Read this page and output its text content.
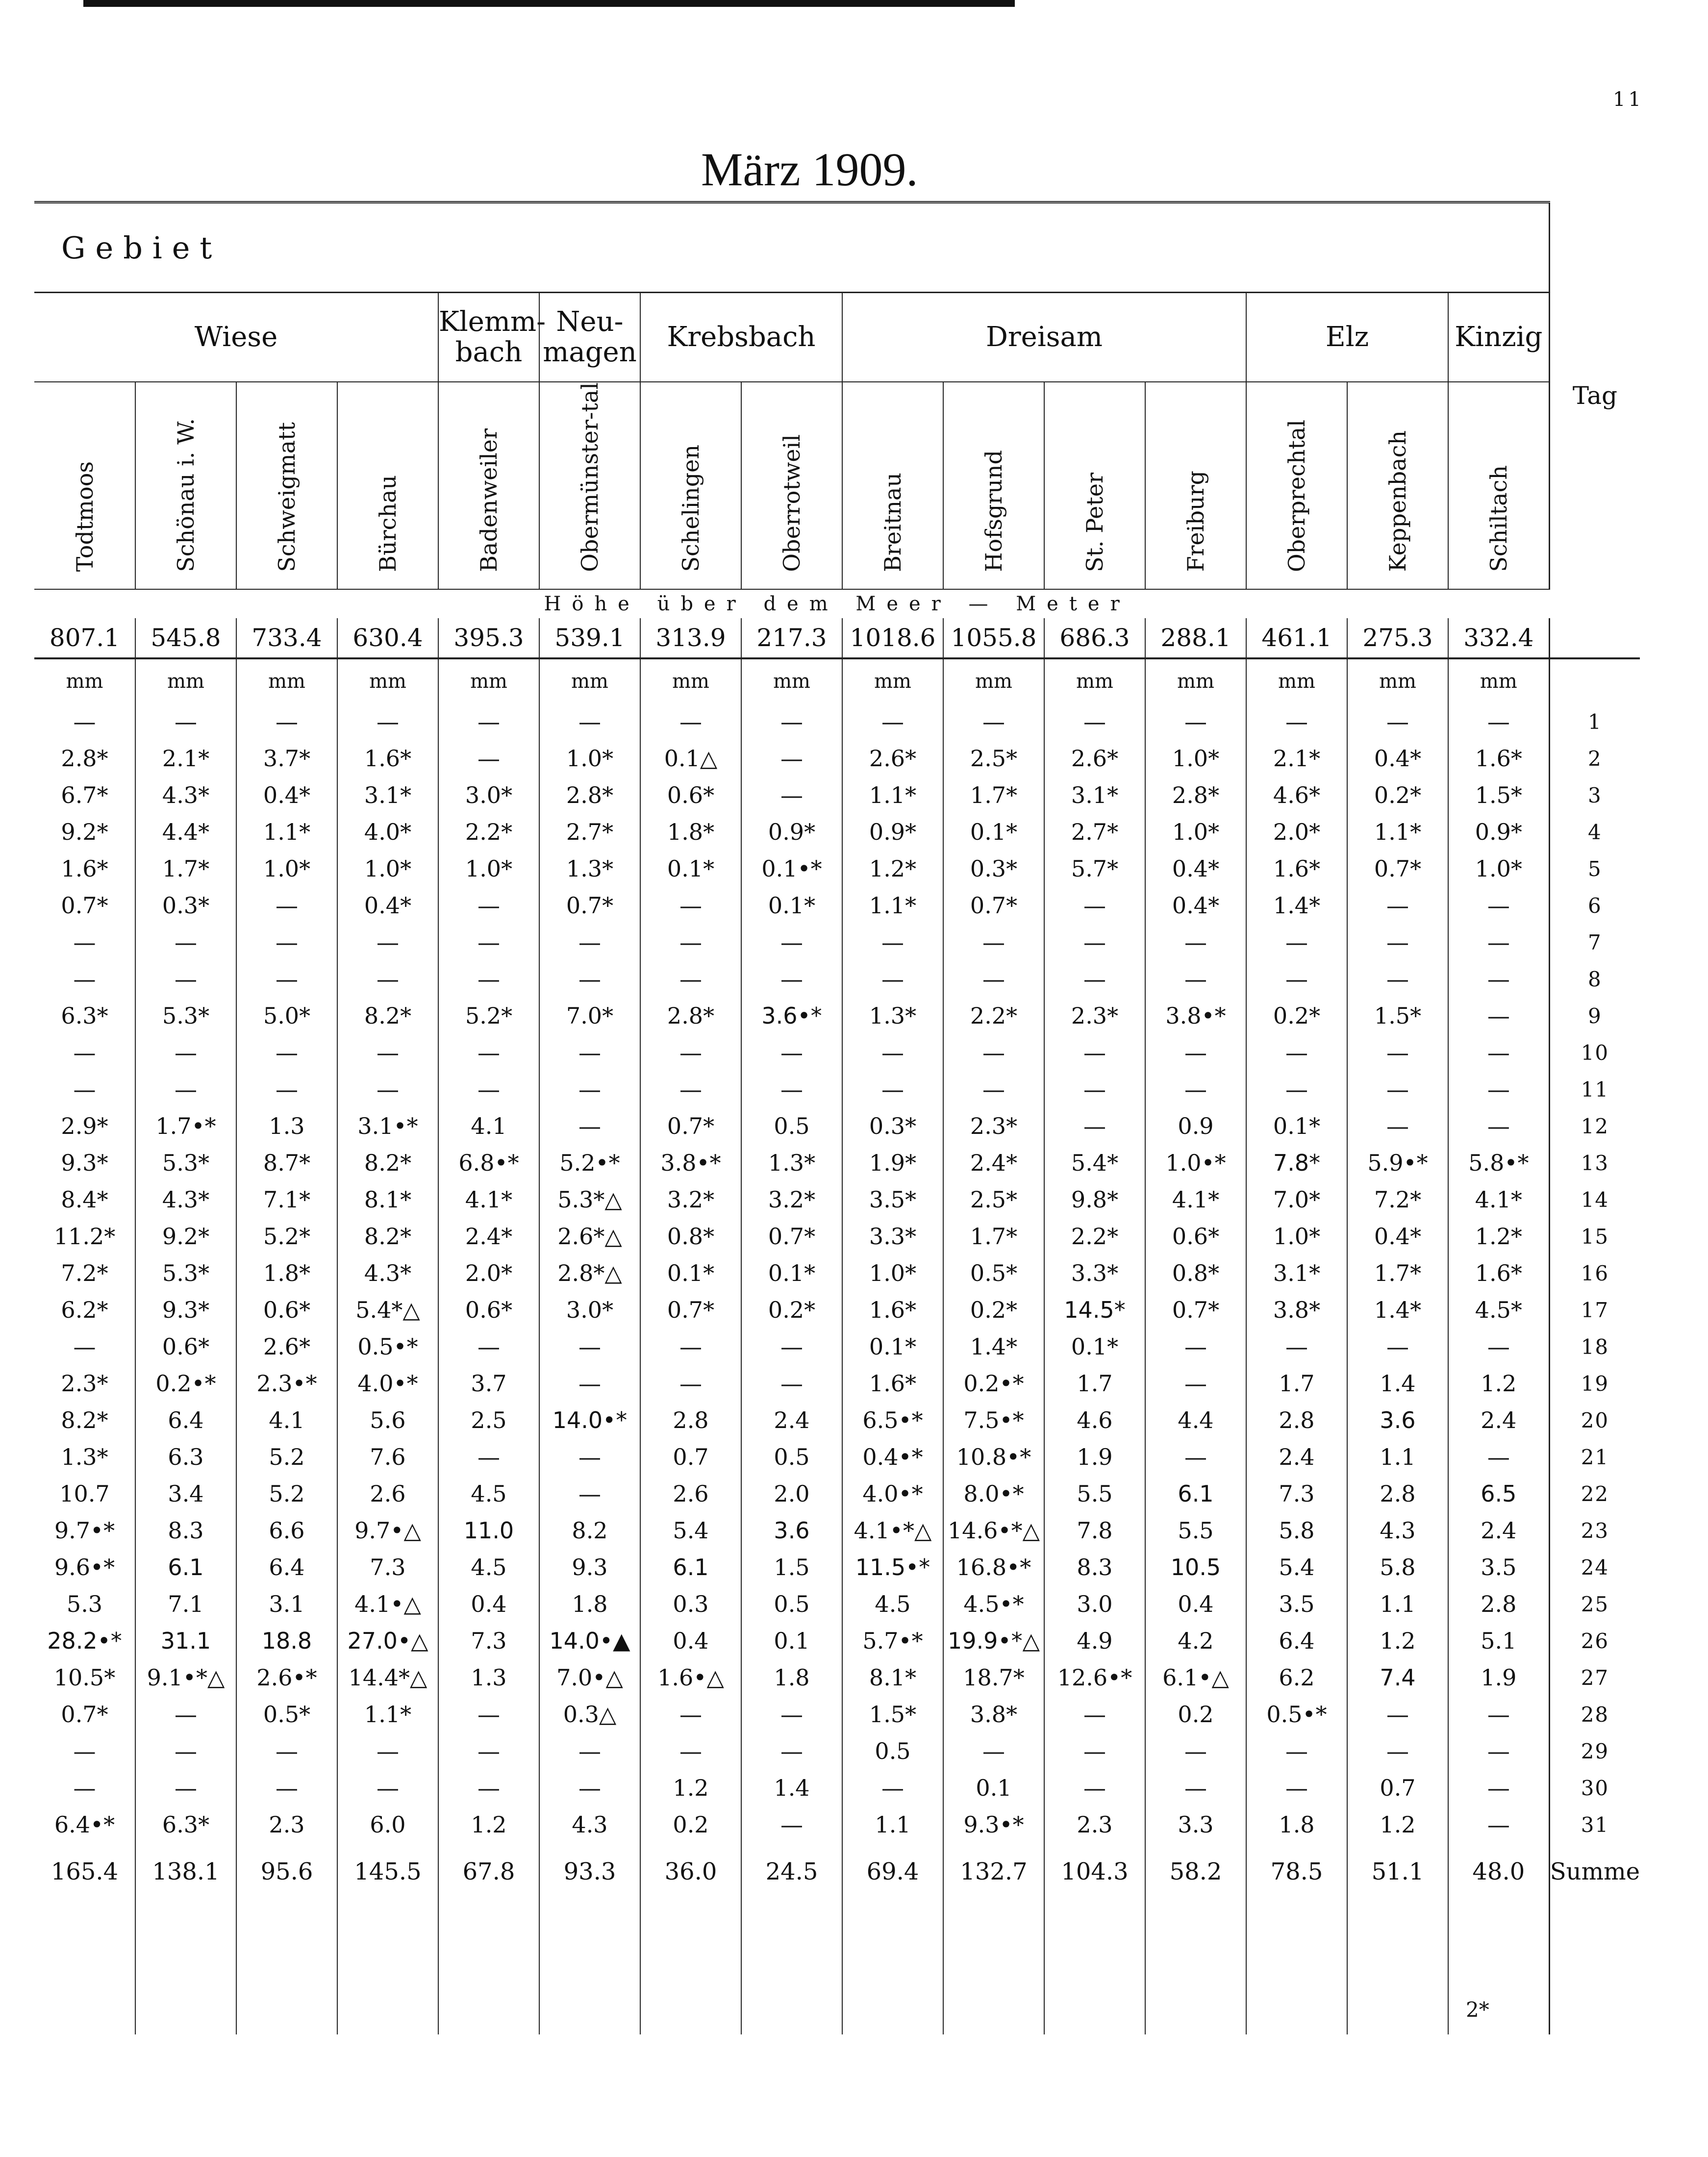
11
März 1909.
Gebiet															Tag
Wiese				Klemm-bach	Neu-magen	Krebsbach		Dreisam				Elz		Kinzig	
Todtmoos	Schönau i. W.	Schweigmatt	Bürchau	Badenweiler	Obermünster-tal	Schelingen	Oberrotweil	Breitnau	Hofsgrund	St. Peter	Freiburg	Oberprechtal	Keppenbach	Schiltach	
Höhe über dem Meer — Meter															
807.1	545.8	733.4	630.4	395.3	539.1	313.9	217.3	1018.6	1055.8	686.3	288.1	461.1	275.3	332.4	
mm	mm	mm	mm	mm	mm	mm	mm	mm	mm	mm	mm	mm	mm	mm	
—	—	—	—	—	—	—	—	—	—	—	—	—	—	—	1
2.8*	2.1*	3.7*	1.6*	—	1.0*	0.1△	—	2.6*	2.5*	2.6*	1.0*	2.1*	0.4*	1.6*	2
6.7*	4.3*	0.4*	3.1*	3.0*	2.8*	0.6*	—	1.1*	1.7*	3.1*	2.8*	4.6*	0.2*	1.5*	3
9.2*	4.4*	1.1*	4.0*	2.2*	2.7*	1.8*	0.9*	0.9*	0.1*	2.7*	1.0*	2.0*	1.1*	0.9*	4
1.6*	1.7*	1.0*	1.0*	1.0*	1.3*	0.1*	0.1•*	1.2*	0.3*	5.7*	0.4*	1.6*	0.7*	1.0*	5
0.7*	0.3*	—	0.4*	—	0.7*	—	0.1*	1.1*	0.7*	—	0.4*	1.4*	—	—	6
—	—	—	—	—	—	—	—	—	—	—	—	—	—	—	7
—	—	—	—	—	—	—	—	—	—	—	—	—	—	—	8
6.3*	5.3*	5.0*	8.2*	5.2*	7.0*	2.8*	3.6•*	1.3*	2.2*	2.3*	3.8•*	0.2*	1.5*	—	9
—	—	—	—	—	—	—	—	—	—	—	—	—	—	—	10
—	—	—	—	—	—	—	—	—	—	—	—	—	—	—	11
2.9*	1.7•*	1.3	3.1•*	4.1	—	0.7*	0.5	0.3*	2.3*	—	0.9	0.1*	—	—	12
9.3*	5.3*	8.7*	8.2*	6.8•*	5.2•*	3.8•*	1.3*	1.9*	2.4*	5.4*	1.0•*	7.8*	5.9•*	5.8•*	13
8.4*	4.3*	7.1*	8.1*	4.1*	5.3*△	3.2*	3.2*	3.5*	2.5*	9.8*	4.1*	7.0*	7.2*	4.1*	14
11.2*	9.2*	5.2*	8.2*	2.4*	2.6*△	0.8*	0.7*	3.3*	1.7*	2.2*	0.6*	1.0*	0.4*	1.2*	15
7.2*	5.3*	1.8*	4.3*	2.0*	2.8*△	0.1*	0.1*	1.0*	0.5*	3.3*	0.8*	3.1*	1.7*	1.6*	16
6.2*	9.3*	0.6*	5.4*△	0.6*	3.0*	0.7*	0.2*	1.6*	0.2*	14.5*	0.7*	3.8*	1.4*	4.5*	17
—	0.6*	2.6*	0.5•*	—	—	—	—	0.1*	1.4*	0.1*	—	—	—	—	18
2.3*	0.2•*	2.3•*	4.0•*	3.7	—	—	—	1.6*	0.2•*	1.7	—	1.7	1.4	1.2	19
8.2*	6.4	4.1	5.6	2.5	14.0•*	2.8	2.4	6.5•*	7.5•*	4.6	4.4	2.8	3.6	2.4	20
1.3*	6.3	5.2	7.6	—	—	0.7	0.5	0.4•*	10.8•*	1.9	—	2.4	1.1	—	21
10.7	3.4	5.2	2.6	4.5	—	2.6	2.0	4.0•*	8.0•*	5.5	6.1	7.3	2.8	6.5	22
9.7•*	8.3	6.6	9.7•△	11.0	8.2	5.4	3.6	4.1•*△	14.6•*△	7.8	5.5	5.8	4.3	2.4	23
9.6•*	6.1	6.4	7.3	4.5	9.3	6.1	1.5	11.5•*	16.8•*	8.3	10.5	5.4	5.8	3.5	24
5.3	7.1	3.1	4.1•△	0.4	1.8	0.3	0.5	4.5	4.5•*	3.0	0.4	3.5	1.1	2.8	25
28.2•*	31.1	18.8	27.0•△	7.3	14.0•▲	0.4	0.1	5.7•*	19.9•*△	4.9	4.2	6.4	1.2	5.1	26
10.5*	9.1•*△	2.6•*	14.4*△	1.3	7.0•△	1.6•△	1.8	8.1*	18.7*	12.6•*	6.1•△	6.2	7.4	1.9	27
0.7*	—	0.5*	1.1*	—	0.3△	—	—	1.5*	3.8*	—	0.2	0.5•*	—	—	28
—	—	—	—	—	—	—	—	0.5	—	—	—	—	—	—	29
—	—	—	—	—	—	1.2	1.4	—	0.1	—	—	—	0.7	—	30
6.4•*	6.3*	2.3	6.0	1.2	4.3	0.2	—	1.1	9.3•*	2.3	3.3	1.8	1.2	—	31
165.4	138.1	95.6	145.5	67.8	93.3	36.0	24.5	69.4	132.7	104.3	58.2	78.5	51.1	48.0	Summe

2*
